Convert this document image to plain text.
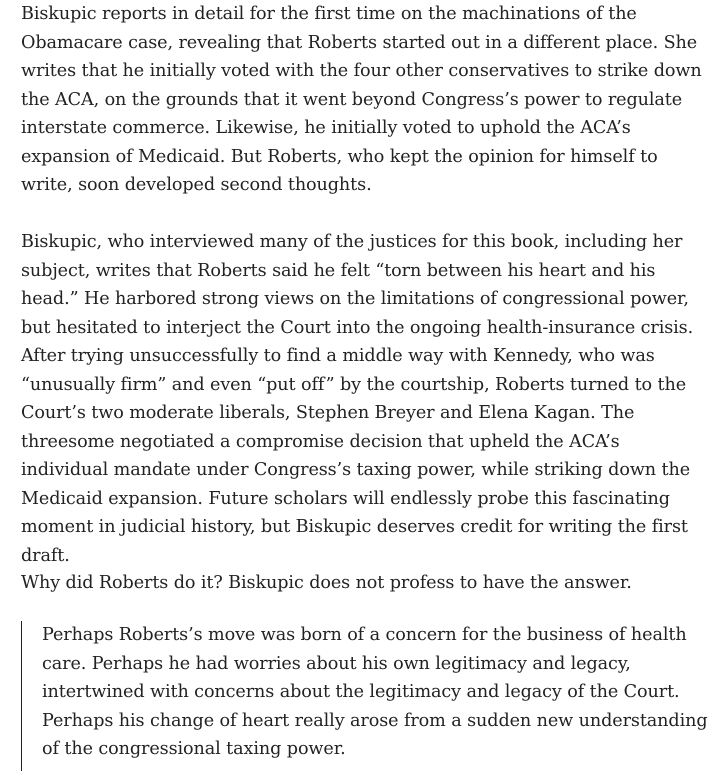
Biskupic reports in detail for the first time on the machinations of the Obamacare case, revealing that Roberts started out in a different place. She writes that he initially voted with the four other conservatives to strike down the ACA, on the grounds that it went beyond Congress’s power to regulate interstate commerce. Likewise, he initially voted to uphold the ACA’s expansion of Medicaid. But Roberts, who kept the opinion for himself to write, soon developed second thoughts.

Biskupic, who interviewed many of the justices for this book, including her subject, writes that Roberts said he felt “torn between his heart and his head.” He harbored strong views on the limitations of congressional power, but hesitated to interject the Court into the ongoing health-insurance crisis. After trying unsuccessfully to find a middle way with Kennedy, who was “unusually firm” and even “put off” by the courtship, Roberts turned to the Court’s two moderate liberals, Stephen Breyer and Elena Kagan. The threesome negotiated a compromise decision that upheld the ACA’s individual mandate under Congress’s taxing power, while striking down the Medicaid expansion. Future scholars will endlessly probe this fascinating moment in judicial history, but Biskupic deserves credit for writing the first draft.

Why did Roberts do it? Biskupic does not profess to have the answer.

Perhaps Roberts’s move was born of a concern for the business of health care. Perhaps he had worries about his own legitimacy and legacy, intertwined with concerns about the legitimacy and legacy of the Court. Perhaps his change of heart really arose from a sudden new understanding of the congressional taxing power.
